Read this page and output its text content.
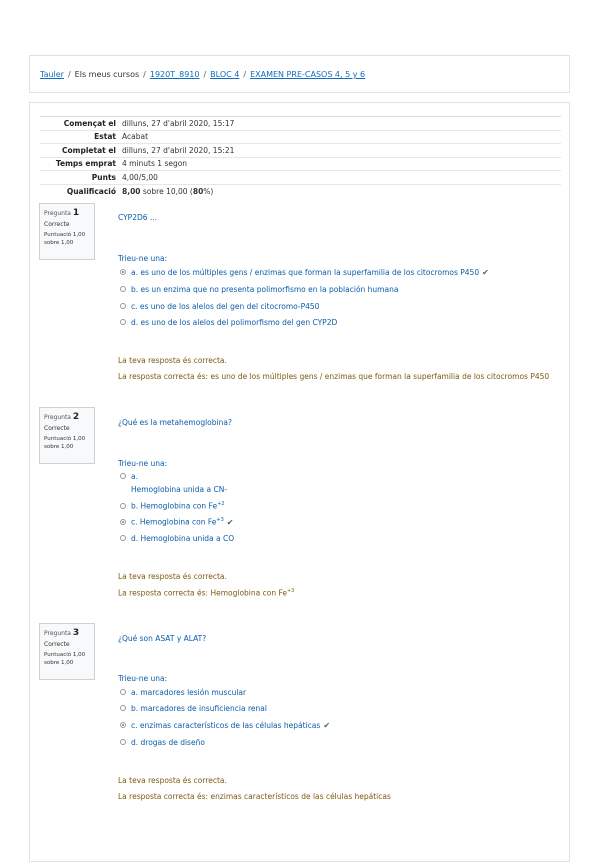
Tauler / Els meus cursos / 1920T_8910 / BLOC 4 / EXAMEN PRE-CASOS 4, 5 y 6
Començat el	dilluns, 27 d'abril 2020, 15:17
Estat	Acabat
Completat el	dilluns, 27 d'abril 2020, 15:21
Temps emprat	4 minuts 1 segon
Punts	4,00/5,00
Qualificació	8,00 sobre 10,00 (80%)
Pregunta 1
Correcte
Puntuació 1,00
sobre 1,00
CYP2D6 ...
Trieu-ne una:
a. es uno de los múltiples gens / enzimas que forman la superfamilia de los citocromos P450 ✔
b. es un enzima que no presenta polimorfismo en la población humana
c. es uno de los alelos del gen del citocromo-P450
d. es uno de los alelos del polimorfismo del gen CYP2D
La teva resposta és correcta.
La resposta correcta és: es uno de los múltiples gens / enzimas que forman la superfamilia de los citocromos P450
Pregunta 2
Correcte
Puntuació 1,00
sobre 1,00
¿Qué es la metahemoglobina?
Trieu-ne una:
a.
Hemoglobina unida a CN-
b. Hemoglobina con $Fe^{+2}$
c. Hemoglobina con $Fe^{+3}$ ✔
d. Hemoglobina unida a CO
La teva resposta és correcta.
La resposta correcta és: Hemoglobina con $Fe^{+3}$
Pregunta 3
Correcte
Puntuació 1,00
sobre 1,00
¿Qué son ASAT y ALAT?
Trieu-ne una:
a. marcadores lesión muscular
b. marcadores de insuficiencia renal
c. enzimas característicos de las células hepáticas ✔
d. drogas de diseño
La teva resposta és correcta.
La resposta correcta és: enzimas característicos de las células hepáticas
